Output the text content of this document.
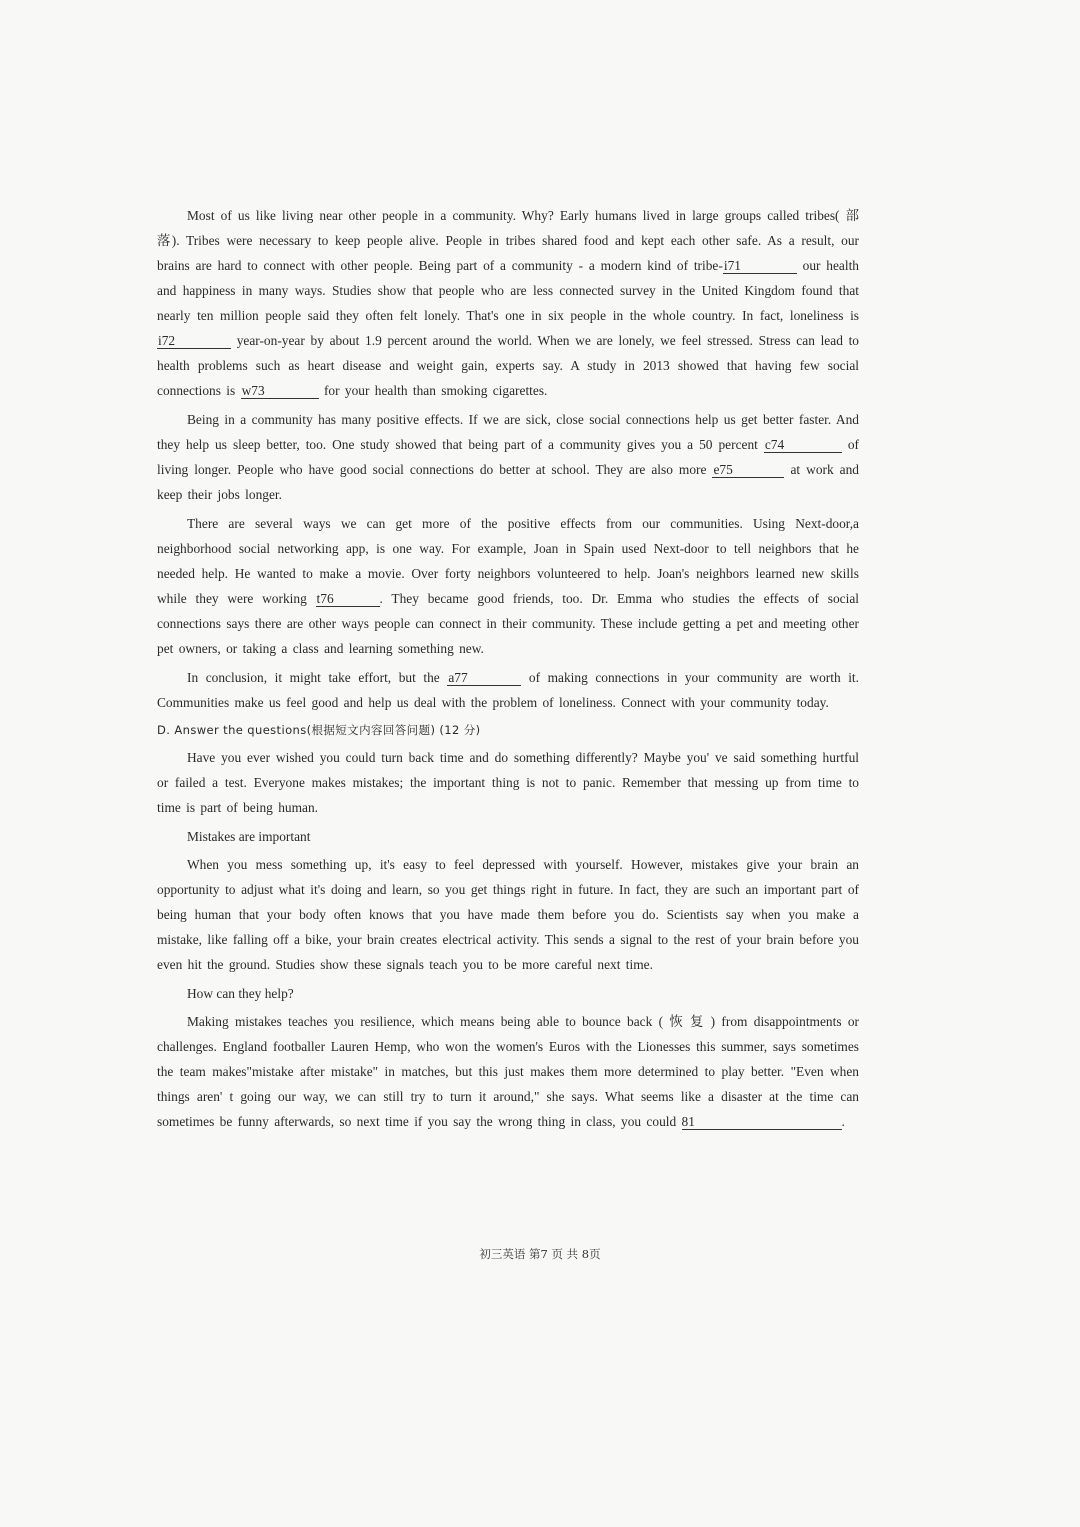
Most of us like living near other people in a community. Why? Early humans lived in large groups called tribes( 部 落). Tribes were necessary to keep people alive. People in tribes shared food and kept each other safe. As a result, our brains are hard to connect with other people. Being part of a community - a modern kind of tribe- i 71	our health and happiness in many ways. Studies show that people who are less connected survey in the United Kingdom found that nearly ten million people said they often felt lonely. That's one in six people in the whole country. In fact, loneliness is
i 72	year-on-year by about 1.9 percent around the world. When we are lonely, we feel stressed. Stress can lead to health problems such as heart disease and weight gain, experts say. A study in 2013 showed that having few social connections is w 73	for your health than smoking cigarettes.

Being in a community has many positive effects. If we are sick, close social connections help us get better faster. And they help us sleep better, too. One study showed that being part of a community gives you a 50 percent c 74	of living longer. People who have good social connections do better at school. They are also more e 75	at work and keep their jobs longer.

There are several ways we can get more of the positive effects from our communities. Using Next-door,a neighborhood social networking app, is one way. For example, Joan in Spain used Next-door to tell neighbors that he needed help. He wanted to make a movie. Over forty neighbors volunteered to help. Joan's neighbors learned new skills while they were working t 76	. They became good friends, too. Dr. Emma who studies the effects of social connections says there are other ways people can connect in their community. These include getting a pet and meeting other pet owners, or taking a class and learning something new.

In conclusion, it might take effort, but the a 77	of making connections in your community are worth it. Communities make us feel good and help us deal with the problem of loneliness. Connect with your community today.

D. Answer the questions(根据短文内容回答问题) (12 分)

Have you ever wished you could turn back time and do something differently? Maybe you' ve said something hurtful or failed a test. Everyone makes mistakes; the important thing is not to panic. Remember that messing up from time to time is part of being human.

Mistakes are important

When you mess something up, it's easy to feel depressed with yourself. However, mistakes give your brain an opportunity to adjust what it's doing and learn, so you get things right in future. In fact, they are such an important part of being human that your body often knows that you have made them before you do. Scientists say when you make a mistake, like falling off a bike, your brain creates electrical activity. This sends a signal to the rest of your brain before you even hit the ground. Studies show these signals teach you to be more careful next time.

How can they help?

Making mistakes teaches you resilience, which means being able to bounce back ( 恢 复 ) from disappointments or challenges. England footballer Lauren Hemp, who won the women's Euros with the Lionesses this summer, says sometimes the team makes"mistake after mistake" in matches, but this just makes them more determined to play better. "Even when things aren' t going our way, we can still try to turn it around," she says. What seems like a disaster at the time can sometimes be funny afterwards, so next time if you say the wrong thing in class, you could 81	.

初三英语 第7 页 共 8页
